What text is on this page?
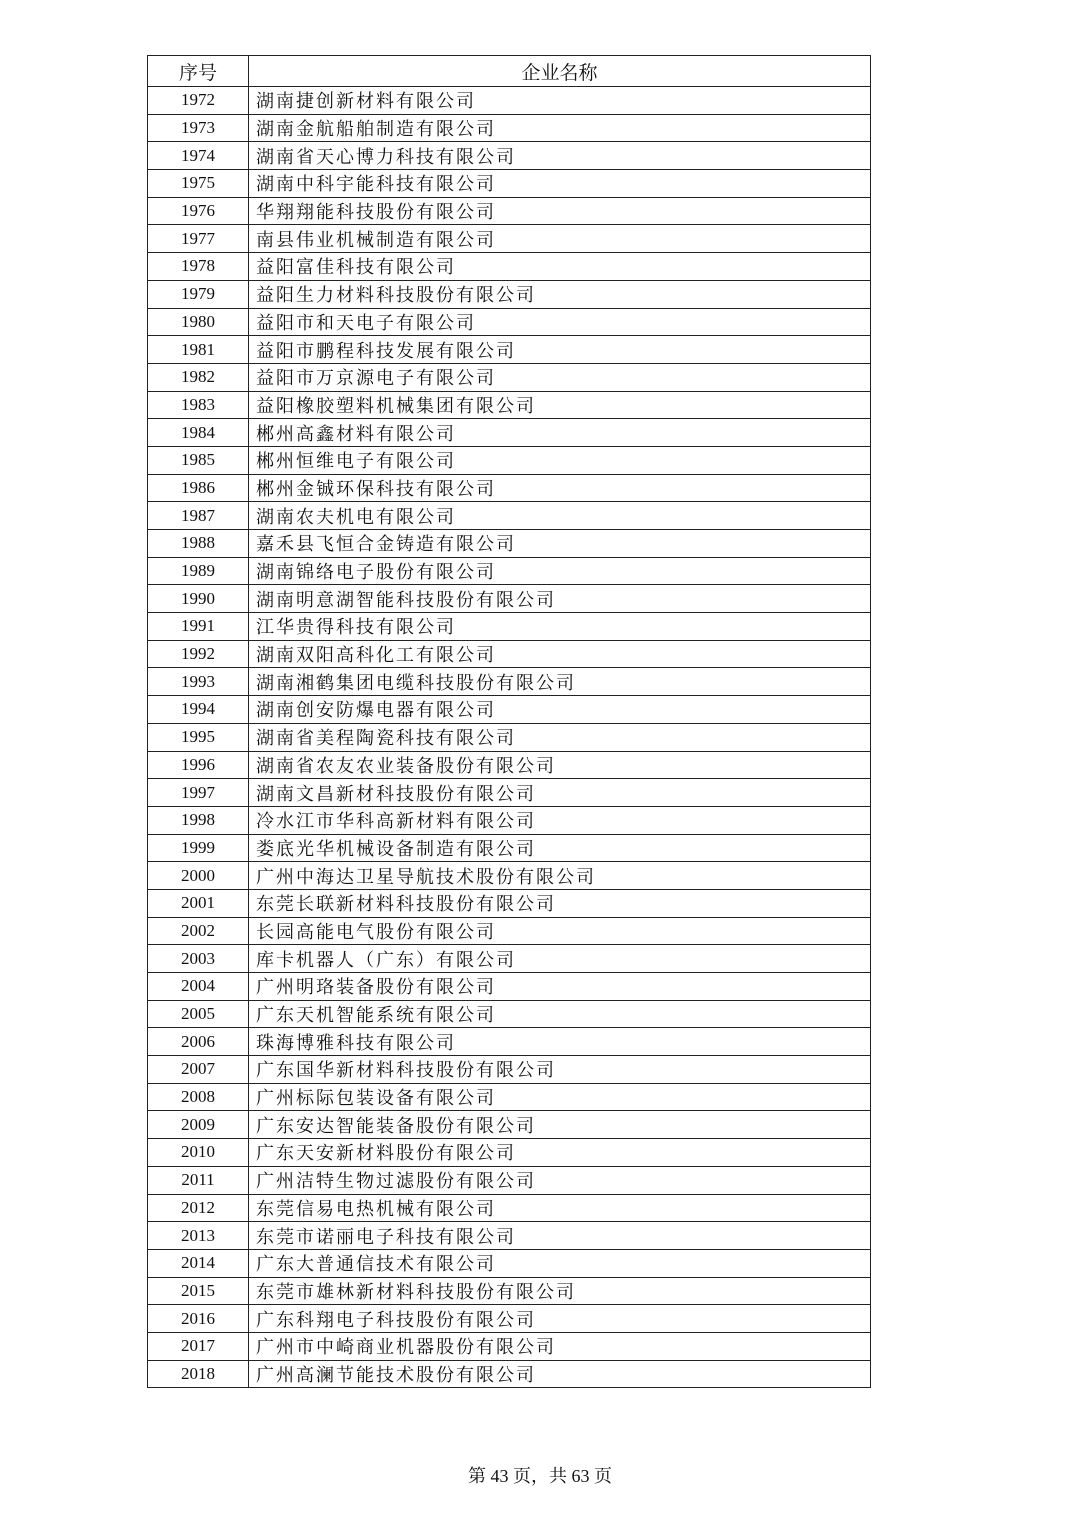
序号	企业名称
1972	湖南捷创新材料有限公司
1973	湖南金航船舶制造有限公司
1974	湖南省天心博力科技有限公司
1975	湖南中科宇能科技有限公司
1976	华翔翔能科技股份有限公司
1977	南县伟业机械制造有限公司
1978	益阳富佳科技有限公司
1979	益阳生力材料科技股份有限公司
1980	益阳市和天电子有限公司
1981	益阳市鹏程科技发展有限公司
1982	益阳市万京源电子有限公司
1983	益阳橡胶塑料机械集团有限公司
1984	郴州高鑫材料有限公司
1985	郴州恒维电子有限公司
1986	郴州金铖环保科技有限公司
1987	湖南农夫机电有限公司
1988	嘉禾县飞恒合金铸造有限公司
1989	湖南锦络电子股份有限公司
1990	湖南明意湖智能科技股份有限公司
1991	江华贵得科技有限公司
1992	湖南双阳高科化工有限公司
1993	湖南湘鹤集团电缆科技股份有限公司
1994	湖南创安防爆电器有限公司
1995	湖南省美程陶瓷科技有限公司
1996	湖南省农友农业装备股份有限公司
1997	湖南文昌新材科技股份有限公司
1998	冷水江市华科高新材料有限公司
1999	娄底光华机械设备制造有限公司
2000	广州中海达卫星导航技术股份有限公司
2001	东莞长联新材料科技股份有限公司
2002	长园高能电气股份有限公司
2003	库卡机器人（广东）有限公司
2004	广州明珞装备股份有限公司
2005	广东天机智能系统有限公司
2006	珠海博雅科技有限公司
2007	广东国华新材料科技股份有限公司
2008	广州标际包装设备有限公司
2009	广东安达智能装备股份有限公司
2010	广东天安新材料股份有限公司
2011	广州洁特生物过滤股份有限公司
2012	东莞信易电热机械有限公司
2013	东莞市诺丽电子科技有限公司
2014	广东大普通信技术有限公司
2015	东莞市雄林新材料科技股份有限公司
2016	广东科翔电子科技股份有限公司
2017	广州市中崎商业机器股份有限公司
2018	广州高澜节能技术股份有限公司
第 43 页，共 63 页
